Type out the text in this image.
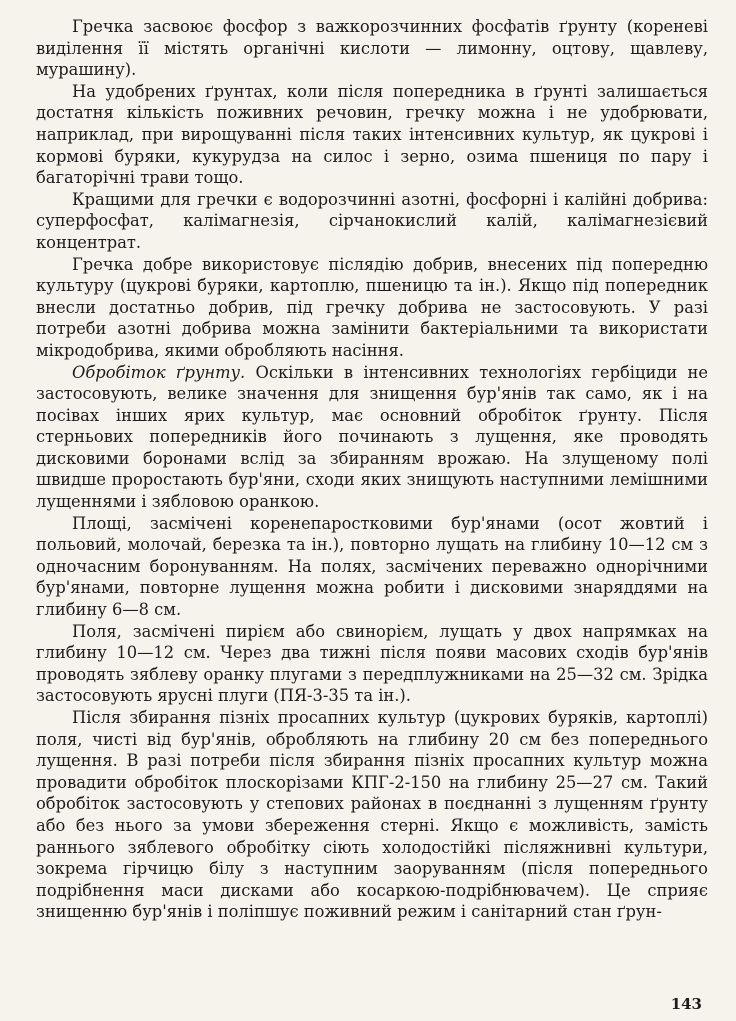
Гречка засвоює фосфор з важкорозчинних фосфатів ґрунту (кореневі виділення її містять органічні кислоти — лимонну, оцтову, щавлеву, мурашину).

На удобрених ґрунтах, коли після попередника в ґрунті залишається достатня кількість поживних речовин, гречку можна і не удобрювати, наприклад, при вирощуванні після таких інтенсивних культур, як цукрові і кормові буряки, кукурудза на силос і зерно, озима пшениця по пару і багаторічні трави тощо.

Кращими для гречки є водорозчинні азотні, фосфорні і калійні добрива: суперфосфат, калімагнезія, сірчанокислий калій, калімагнезієвий концентрат.

Гречка добре використовує післядію добрив, внесених під попередню культуру (цукрові буряки, картоплю, пшеницю та ін.). Якщо під попередник внесли достатньо добрив, під гречку добрива не застосовують. У разі потреби азотні добрива можна замінити бактеріальними та використати мікродобрива, якими обробляють насіння.

Обробіток ґрунту. Оскільки в інтенсивних технологіях гербіциди не застосовують, велике значення для знищення бур'янів так само, як і на посівах інших ярих культур, має основний обробіток ґрунту. Після стерньових попередників його починають з лущення, яке проводять дисковими боронами вслід за збиранням врожаю. На злущеному полі швидше проростають бур'яни, сходи яких знищують наступними лемішними лущеннями і зябловою оранкою.

Площі, засмічені коренепаростковими бур'янами (осот жовтий і польовий, молочай, березка та ін.), повторно лущать на глибину 10—12 см з одночасним боронуванням. На полях, засмічених переважно однорічними бур'янами, повторне лущення можна робити і дисковими знаряддями на глибину 6—8 см.

Поля, засмічені пирієм або свинорієм, лущать у двох напрямках на глибину 10—12 см. Через два тижні після появи масових сходів бур'янів проводять зяблеву оранку плугами з передплужниками на 25—32 см. Зрідка застосовують ярусні плуги (ПЯ-3-35 та ін.).

Після збирання пізніх просапних культур (цукрових буряків, картоплі) поля, чисті від бур'янів, обробляють на глибину 20 см без попереднього лущення. В разі потреби після збирання пізніх просапних культур можна провадити обробіток плоскорізами КПГ-2-150 на глибину 25—27 см. Такий обробіток застосовують у степових районах в поєднанні з лущенням ґрунту або без нього за умови збереження стерні. Якщо є можливість, замість раннього зяблевого обробітку сіють холодостійкі післяжнивні культури, зокрема гірчицю білу з наступним заоруванням (після попереднього подрібнення маси дисками або косаркою-подрібнювачем). Це сприяє знищенню бур'янів і поліпшує поживний режим і санітарний стан ґрун-

143
